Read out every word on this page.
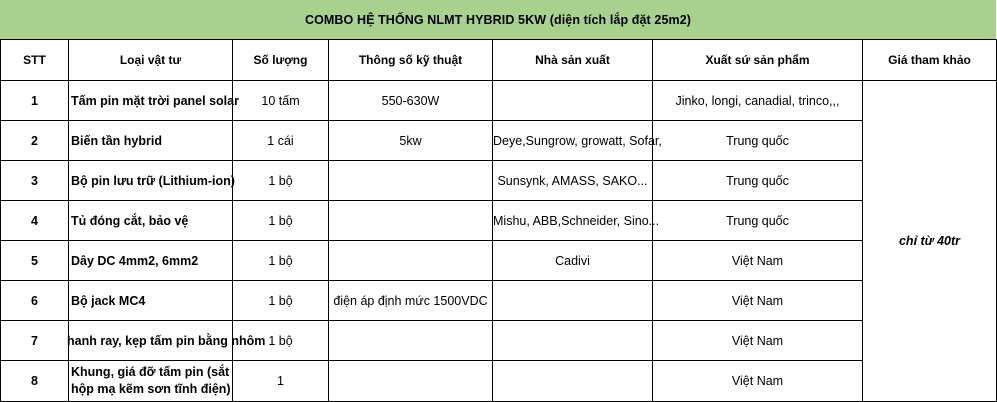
COMBO HỆ THỐNG NLMT HYBRID 5KW (diện tích lắp đặt 25m2)
STT	Loại vật tư	Số lượng	Thông số kỹ thuật	Nhà sản xuất	Xuất sứ sản phẩm	Giá tham khảo
1	Tấm pin mặt trời panel solar	10 tấm	550-630W		Jinko, longi, canadial, trinco,,,	chỉ từ 40tr
2	Biến tần hybrid	1 cái	5kw	Deye,Sungrow, growatt, Sofar,	Trung quốc	
3	Bộ pin lưu trữ (Lithium-ion)	1 bộ		Sunsynk, AMASS, SAKO...	Trung quốc	
4	Tủ đóng cắt, bảo vệ	1 bộ		Mishu, ABB,Schneider, Sino...	Trung quốc	
5	Dây DC 4mm2, 6mm2	1 bộ		Cadivi	Việt Nam	
6	Bộ jack MC4	1 bộ	điện áp định mức 1500VDC		Việt Nam	
7	hanh ray, kẹp tấm pin bằng nhôm	1 bộ			Việt Nam	
8	Khung, giá đỡ tấm pin (sắt hộp mạ kẽm sơn tĩnh điện)	1			Việt Nam	
